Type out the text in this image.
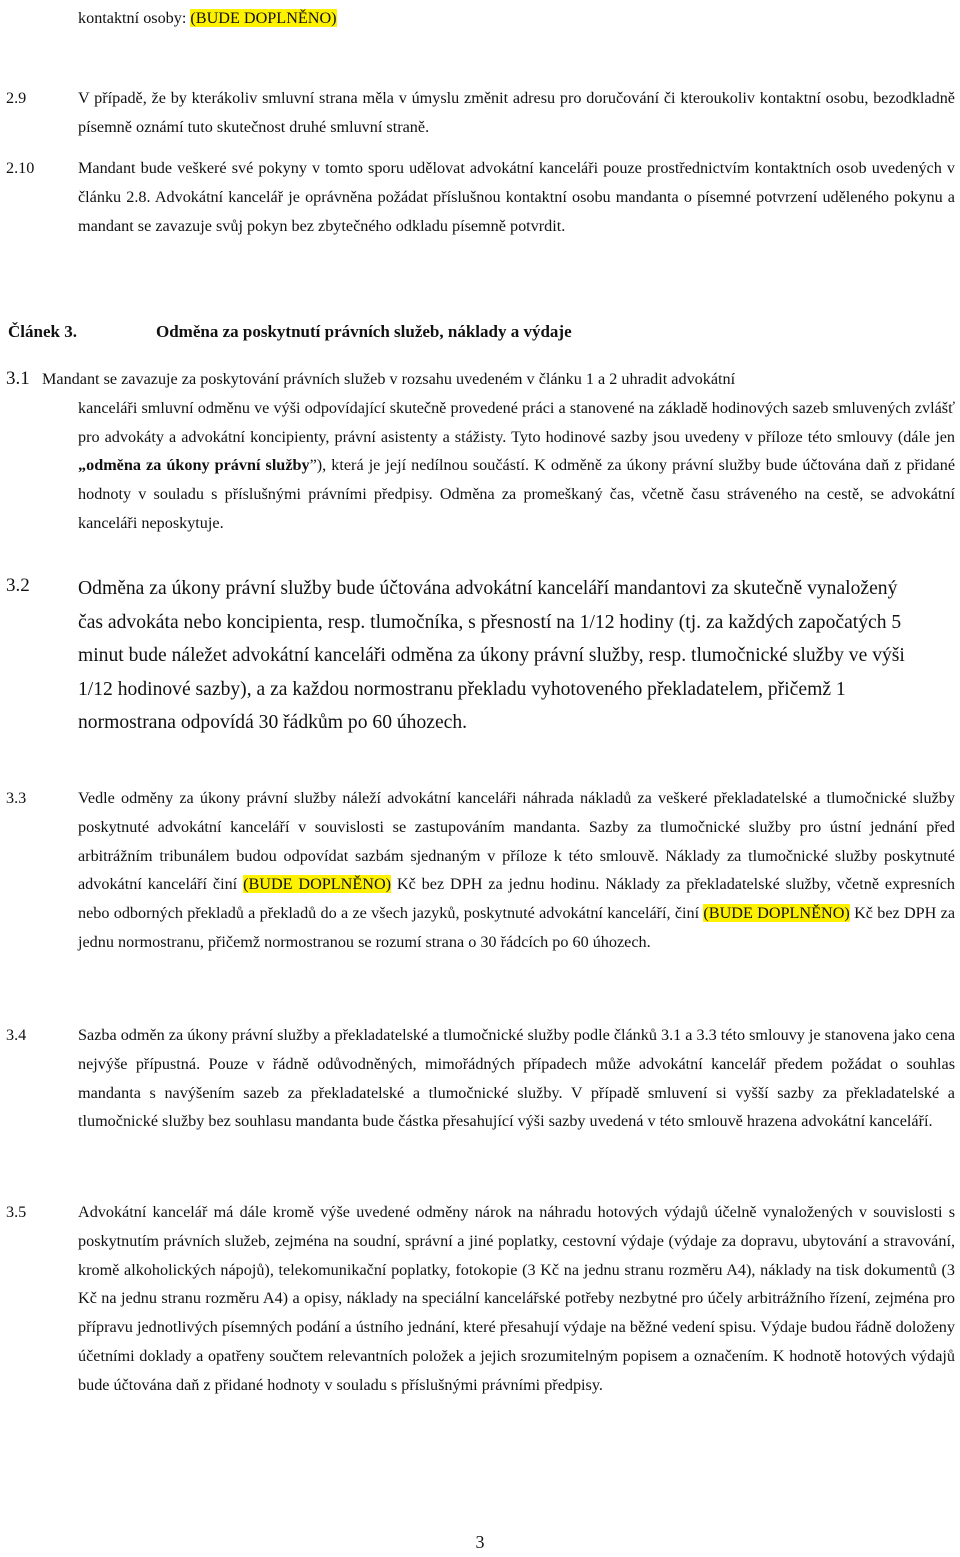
kontaktní osoby: (BUDE DOPLNĚNO)
2.9	V případě, že by kterákoliv smluvní strana měla v úmyslu změnit adresu pro doručování či kteroukoliv kontaktní osobu, bezodkladně písemně oznámí tuto skutečnost druhé smluvní straně.
2.10	Mandant bude veškeré své pokyny v tomto sporu udělovat advokátní kanceláři pouze prostřednictvím kontaktních osob uvedených v článku 2.8. Advokátní kancelář je oprávněna požádat příslušnou kontaktní osobu mandanta o písemné potvrzení uděleného pokynu a mandant se zavazuje svůj pokyn bez zbytečného odkladu písemně potvrdit.
Článek 3.	Odměna za poskytnutí právních služeb, náklady a výdaje
3.1 Mandant se zavazuje za poskytování právních služeb v rozsahu uvedeném v článku 1 a 2 uhradit advokátní
kanceláři smluvní odměnu ve výši odpovídající skutečně provedené práci a stanovené na základě hodinových sazeb smluvených zvlášť pro advokáty a advokátní koncipienty, právní asistenty a stážisty. Tyto hodinové sazby jsou uvedeny v příloze této smlouvy (dále jen „odměna za úkony právní služby”), která je její nedílnou součástí. K odměně za úkony právní služby bude účtována daň z přidané hodnoty v souladu s příslušnými právními předpisy. Odměna za promeškaný čas, včetně času stráveného na cestě, se advokátní kanceláři neposkytuje.
3.2 Odměna za úkony právní služby bude účtována advokátní kanceláří mandantovi za skutečně vynaložený čas advokáta nebo koncipienta, resp. tlumočníka, s přesností na 1/12 hodiny (tj. za každých započatých 5 minut bude náležet advokátní kanceláři odměna za úkony právní služby, resp. tlumočnické služby ve výši 1/12 hodinové sazby), a za každou normostranu překladu vyhotoveného překladatelem, přičemž 1 normostrana odpovídá 30 řádkům po 60 úhozech.
3.3	Vedle odměny za úkony právní služby náleží advokátní kanceláři náhrada nákladů za veškeré překladatelské a tlumočnické služby poskytnuté advokátní kanceláří v souvislosti se zastupováním mandanta. Sazby za tlumočnické služby pro ústní jednání před arbitrážním tribunálem budou odpovídat sazbám sjednaným v příloze k této smlouvě. Náklady za tlumočnické služby poskytnuté advokátní kanceláří činí (BUDE DOPLNĚNO) Kč bez DPH za jednu hodinu. Náklady za překladatelské služby, včetně expresních nebo odborných překladů a překladů do a ze všech jazyků, poskytnuté advokátní kanceláří, činí (BUDE DOPLNĚNO) Kč bez DPH za jednu normostranu, přičemž normostranou se rozumí strana o 30 řádcích po 60 úhozech.
3.4	Sazba odměn za úkony právní služby a překladatelské a tlumočnické služby podle článků 3.1 a 3.3 této smlouvy je stanovena jako cena nejvýše přípustná. Pouze v řádně odůvodněných, mimořádných případech může advokátní kancelář předem požádat o souhlas mandanta s navýšením sazeb za překladatelské a tlumočnické služby. V případě smluvení si vyšší sazby za překladatelské a tlumočnické služby bez souhlasu mandanta bude částka přesahující výši sazby uvedená v této smlouvě hrazena advokátní kanceláří.
3.5	Advokátní kancelář má dále kromě výše uvedené odměny nárok na náhradu hotových výdajů účelně vynaložených v souvislosti s poskytnutím právních služeb, zejména na soudní, správní a jiné poplatky, cestovní výdaje (výdaje za dopravu, ubytování a stravování, kromě alkoholických nápojů), telekomunikační poplatky, fotokopie (3 Kč na jednu stranu rozměru A4), náklady na tisk dokumentů (3 Kč na jednu stranu rozměru A4) a opisy, náklady na speciální kancelářské potřeby nezbytné pro účely arbitrážního řízení, zejména pro přípravu jednotlivých písemných podání a ústního jednání, které přesahují výdaje na běžné vedení spisu. Výdaje budou řádně doloženy účetními doklady a opatřeny součtem relevantních položek a jejich srozumitelným popisem a označením. K hodnotě hotových výdajů bude účtována daň z přidané hodnoty v souladu s příslušnými právními předpisy.
3
